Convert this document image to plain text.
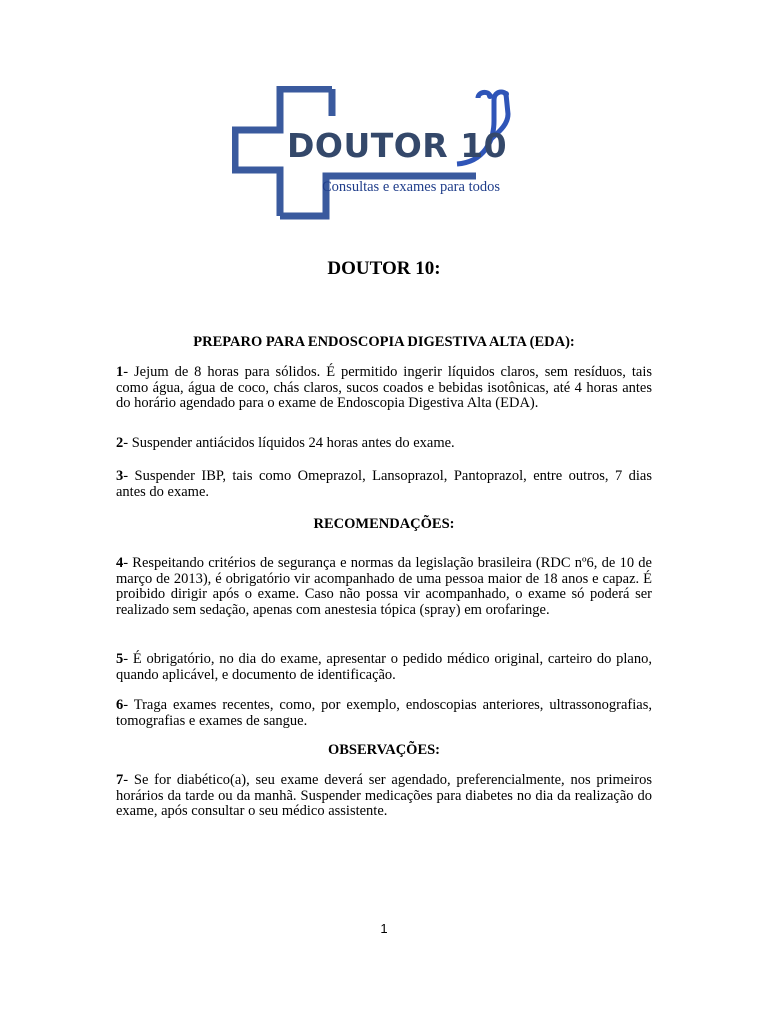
DOUTOR 10
Consultas e exames para todos
DOUTOR 10:
PREPARO PARA ENDOSCOPIA DIGESTIVA ALTA (EDA):
1- Jejum de 8 horas para sólidos. É permitido ingerir líquidos claros, sem resíduos, tais como água, água de coco, chás claros, sucos coados e bebidas isotônicas, até 4 horas antes do horário agendado para o exame de Endoscopia Digestiva Alta (EDA).
2- Suspender antiácidos líquidos 24 horas antes do exame.
3- Suspender IBP, tais como Omeprazol, Lansoprazol, Pantoprazol, entre outros, 7 dias antes do exame.
RECOMENDAÇÕES:
4- Respeitando critérios de segurança e normas da legislação brasileira (RDC nº6, de 10 de março de 2013), é obrigatório vir acompanhado de uma pessoa maior de 18 anos e capaz. É proibido dirigir após o exame. Caso não possa vir acompanhado, o exame só poderá ser realizado sem sedação, apenas com anestesia tópica (spray) em orofaringe.
5- É obrigatório, no dia do exame, apresentar o pedido médico original, carteiro do plano, quando aplicável, e documento de identificação.
6- Traga exames recentes, como, por exemplo, endoscopias anteriores, ultrassonografias, tomografias e exames de sangue.
OBSERVAÇÕES:
7- Se for diabético(a), seu exame deverá ser agendado, preferencialmente, nos primeiros horários da tarde ou da manhã. Suspender medicações para diabetes no dia da realização do exame, após consultar o seu médico assistente.
1
